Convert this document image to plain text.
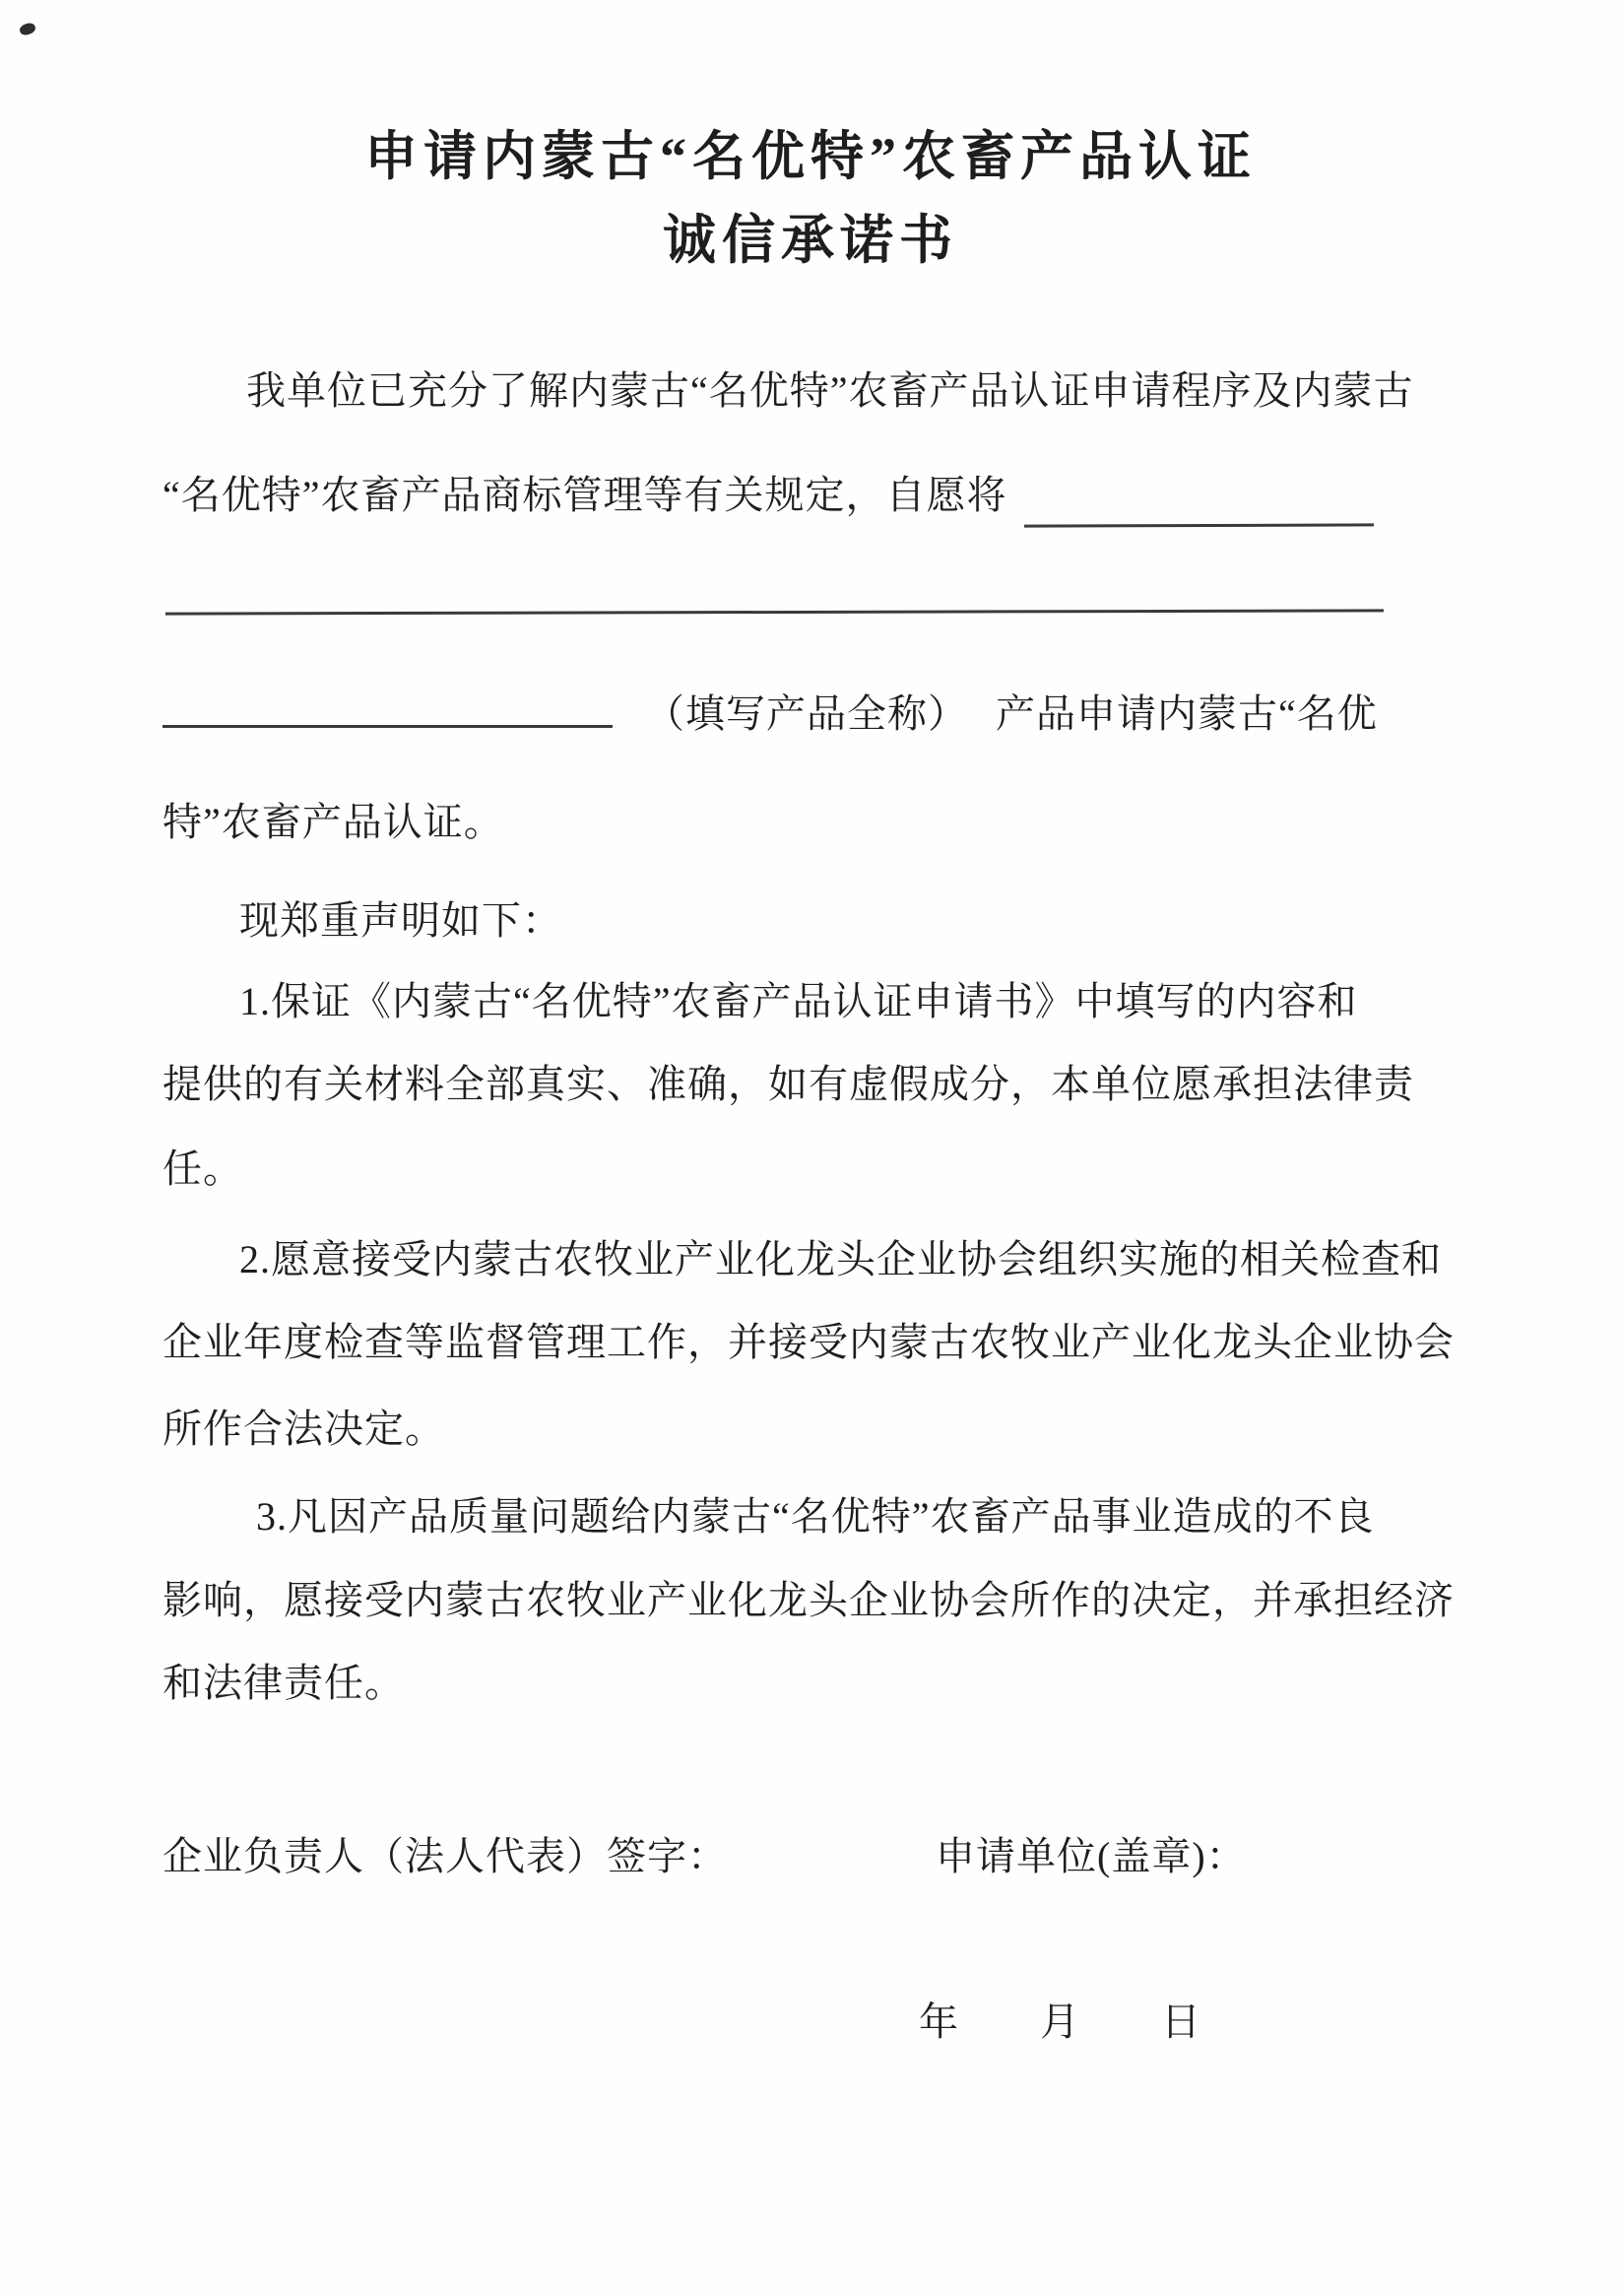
申请内蒙古“名优特”农畜产品认证
诚信承诺书
我单位已充分了解内蒙古“名优特”农畜产品认证申请程序及内蒙古
“名优特”农畜产品商标管理等有关规定，自愿将
（填写产品全称） 产品申请内蒙古“名优
特”农畜产品认证。
现郑重声明如下：
1.保证《内蒙古“名优特”农畜产品认证申请书》中填写的内容和
提供的有关材料全部真实、准确，如有虚假成分，本单位愿承担法律责
任。
2.愿意接受内蒙古农牧业产业化龙头企业协会组织实施的相关检查和
企业年度检查等监督管理工作，并接受内蒙古农牧业产业化龙头企业协会
所作合法决定。
3.凡因产品质量问题给内蒙古“名优特”农畜产品事业造成的不良
影响，愿接受内蒙古农牧业产业化龙头企业协会所作的决定，并承担经济
和法律责任。
企业负责人（法人代表）签字：	申请单位(盖章)：
年　　月　　日
